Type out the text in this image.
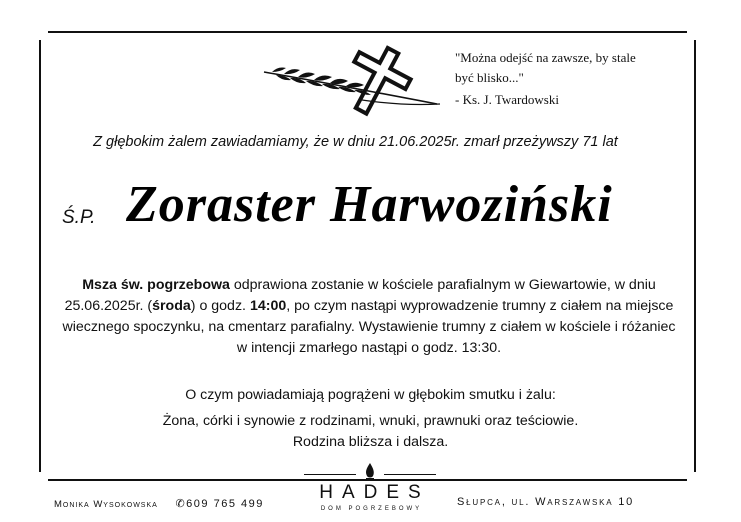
"Można odejść na zawsze, by stale
być blisko..."
- Ks. J. Twardowski
Z głębokim żalem zawiadamiamy, że w dniu 21.06.2025r. zmarł przeżywszy 71 lat
Ś.P. Zoraster Harwoziński
Msza św. pogrzebowa odprawiona zostanie w kościele parafialnym w Giewartowie, w dniu 25.06.2025r. (środa) o godz. 14:00, po czym nastąpi wyprowadzenie trumny z ciałem na miejsce wiecznego spoczynku, na cmentarz parafialny. Wystawienie trumny z ciałem w kościele i różaniec w intencji zmarłego nastąpi o godz. 13:30.
O czym powiadamiają pogrążeni w głębokim smutku i żalu:
Żona, córki i synowie z rodzinami, wnuki, prawnuki oraz teściowie.
Rodzina bliższa i dalsza.
Monika Wysokowska ✆609 765 499
HADES
DOM POGRZEBOWY
Słupca, ul. Warszawska 10
